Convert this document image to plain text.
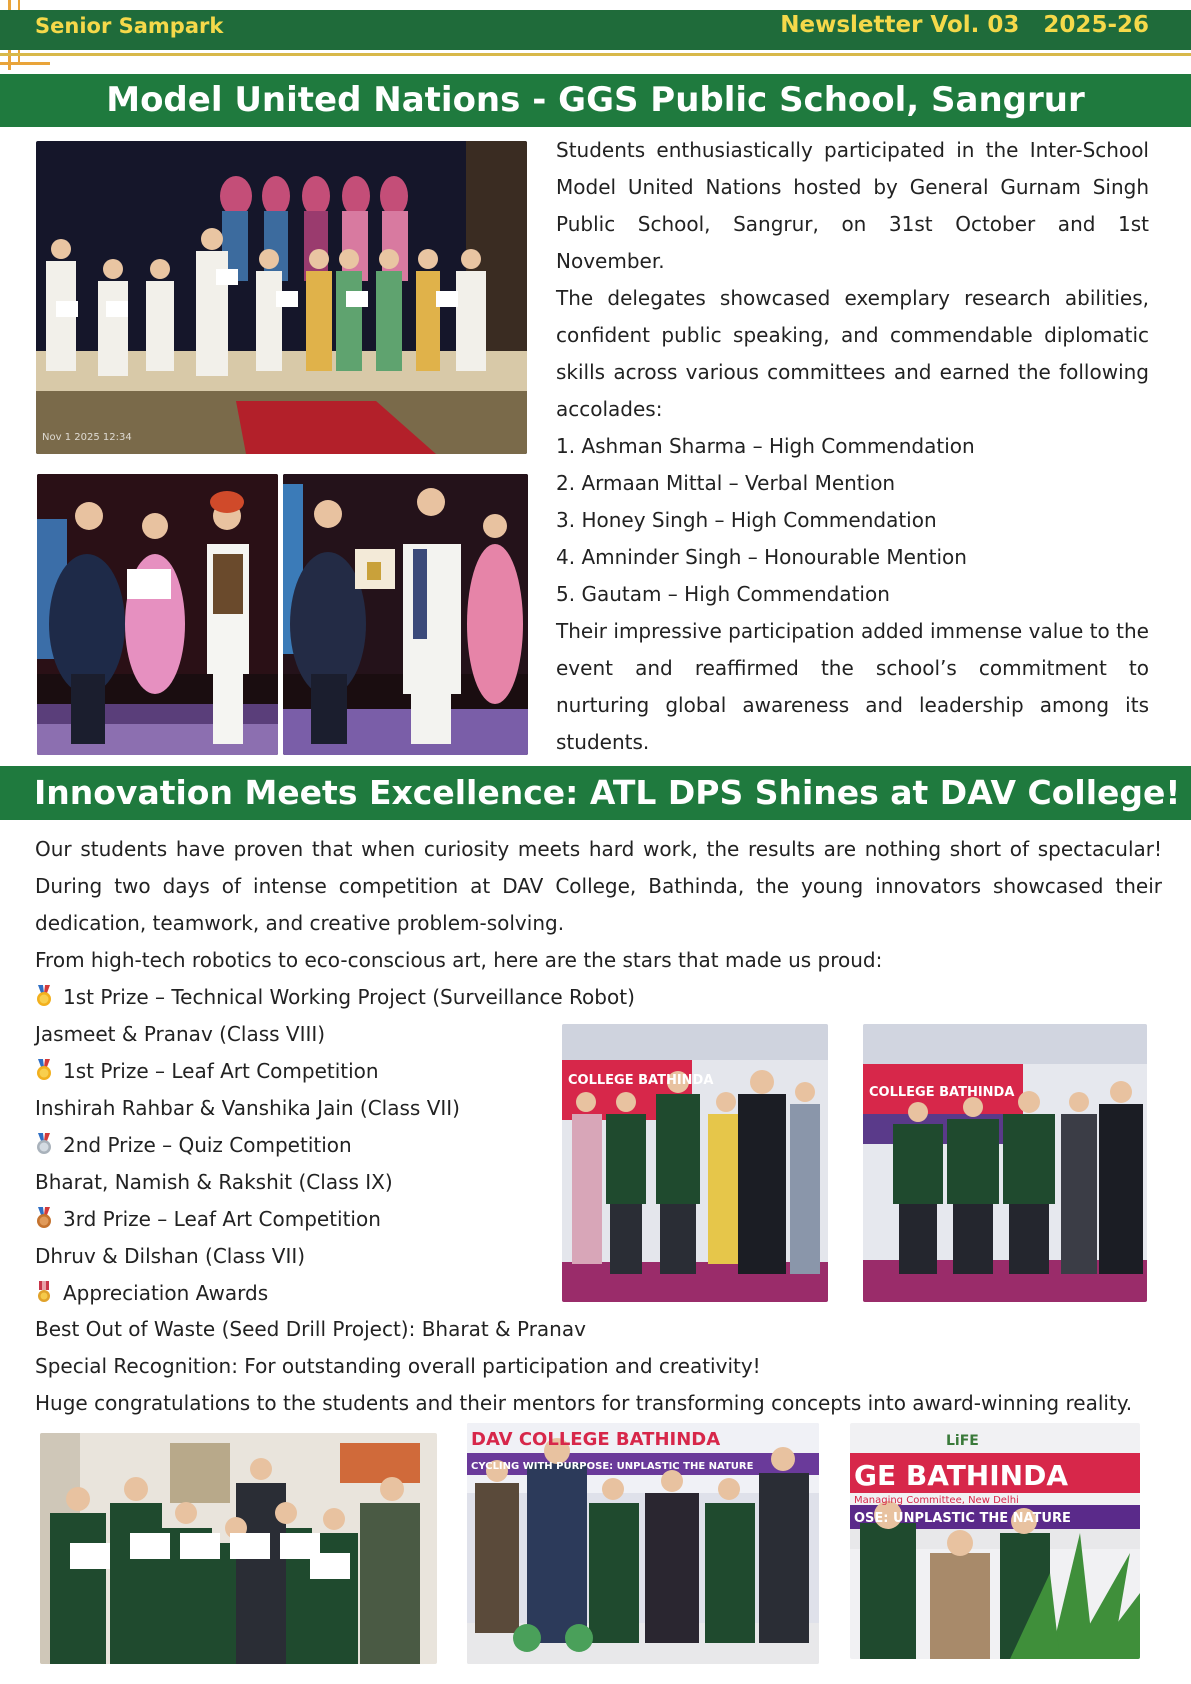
Senior Sampark	Newsletter Vol. 03   2025-26
Model United Nations - GGS Public School, Sangrur
Nov 1 2025 12:34
Students enthusiastically participated in the Inter-School Model United Nations hosted by General Gurnam Singh Public School, Sangrur, on 31st October and 1st November.
The delegates showcased exemplary research abilities, confident public speaking, and commendable diplomatic skills across various committees and earned the following accolades:
1. Ashman Sharma – High Commendation
2. Armaan Mittal – Verbal Mention
3. Honey Singh – High Commendation
4. Amninder Singh – Honourable Mention
5. Gautam – High Commendation
Their impressive participation added immense value to the event and reaffirmed the school’s commitment to nurturing global awareness and leadership among its students.
Innovation Meets Excellence: ATL DPS Shines at DAV College!
Our students have proven that when curiosity meets hard work, the results are nothing short of spectacular! During two days of intense competition at DAV College, Bathinda, the young innovators showcased their dedication, teamwork, and creative problem-solving.
From high-tech robotics to eco-conscious art, here are the stars that made us proud:
1st Prize – Technical Working Project (Surveillance Robot)
Jasmeet & Pranav (Class VIII)
1st Prize – Leaf Art Competition
Inshirah Rahbar & Vanshika Jain (Class VII)
2nd Prize – Quiz Competition
Bharat, Namish & Rakshit (Class IX)
3rd Prize – Leaf Art Competition
Dhruv & Dilshan (Class VII)
Appreciation Awards
Best Out of Waste (Seed Drill Project): Bharat & Pranav
Special Recognition: For outstanding overall participation and creativity!
Huge congratulations to the students and their mentors for transforming concepts into award-winning reality.
COLLEGE BATHINDA
COLLEGE BATHINDA
DAV COLLEGE BATHINDA
CYCLING WITH PURPOSE: UNPLASTIC THE NATURE	GE BATHINDA
Managing Committee, New Delhi
OSE: UNPLASTIC THE NATURE
LiFE
